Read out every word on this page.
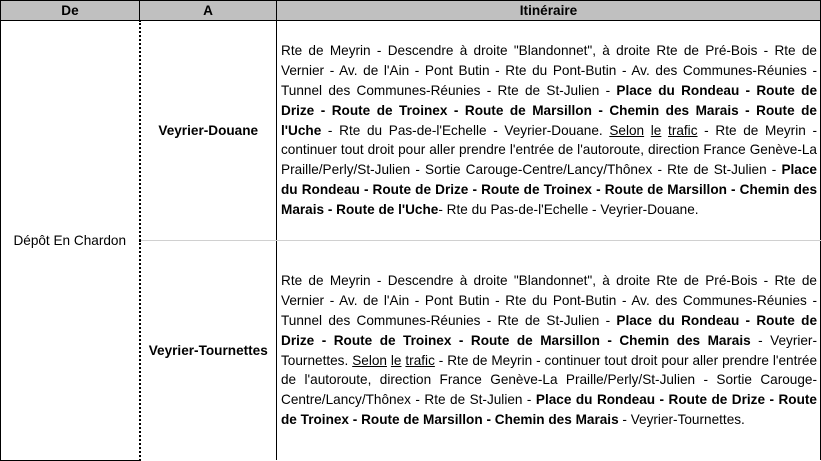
De	A	Itinéraire
Dépôt En Chardon	Veyrier-Douane	Rte de Meyrin - Descendre à droite "Blandonnet", à droite Rte de Pré-Bois - Rte de Vernier - Av. de l'Ain - Pont Butin - Rte du Pont-Butin - Av. des Communes-Réunies - Tunnel des Communes-Réunies - Rte de St-Julien - Place du Rondeau - Route de Drize - Route de Troinex - Route de Marsillon - Chemin des Marais - Route de l'Uche - Rte du Pas-de-l'Echelle - Veyrier-Douane. Selon le trafic - Rte de Meyrin - continuer tout droit pour aller prendre l'entrée de l'autoroute, direction France Genève-La Praille/Perly/St-Julien - Sortie Carouge-Centre/Lancy/Thônex - Rte de St-Julien - Place du Rondeau - Route de Drize - Route de Troinex - Route de Marsillon - Chemin des Marais - Route de l'Uche- Rte du Pas-de-l'Echelle - Veyrier-Douane.

	Veyrier-Tournettes	Rte de Meyrin - Descendre à droite "Blandonnet", à droite Rte de Pré-Bois - Rte de Vernier - Av. de l'Ain - Pont Butin - Rte du Pont-Butin - Av. des Communes-Réunies - Tunnel des Communes-Réunies - Rte de St-Julien - Place du Rondeau - Route de Drize - Route de Troinex - Route de Marsillon - Chemin des Marais - Veyrier-Tournettes. Selon le trafic - Rte de Meyrin - continuer tout droit pour aller prendre l'entrée de l'autoroute, direction France Genève-La Praille/Perly/St-Julien - Sortie Carouge-Centre/Lancy/Thônex - Rte de St-Julien - Place du Rondeau - Route de Drize - Route de Troinex - Route de Marsillon - Chemin des Marais - Veyrier-Tournettes.
